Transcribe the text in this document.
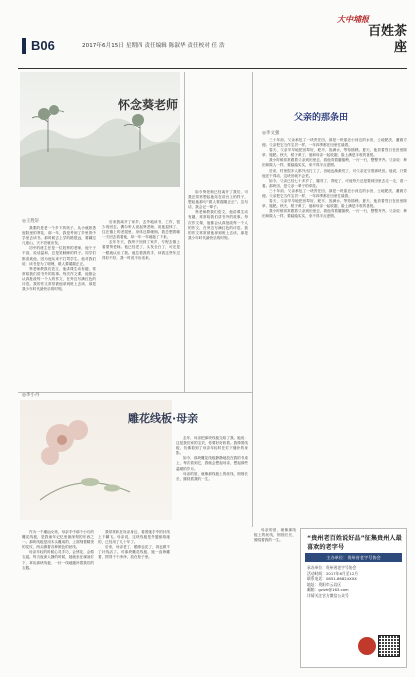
B06	2017年6月15日 星期四 责任编辑 陈淑华 责任校对 任 浩
大中埔报
百姓茶座
怀念葵老师
◎王胜轩

我要的是老一个乡下的孩子，从小就熟悉庭院里的葵花，那一年，我是考到了乡里的中学里去读书。那时候去上学的路很远，要翻过几座山，天不亮就出发。

初中的班主任是一位姓葵的老师，他个子不高，说话温和，总是笑眯眯的样子。同学们都喜欢他，因为他从来不打骂学生。他对我们说：读书是为了明理，做人要端端正正。

葵老师教我们语文，他讲课生动有趣，常常给我们讲书外的故事。每次作文课，他都会认真批改每一个人的作文，在旁边写满红色的评语。我的作文常常被他拿到班上去读，那是我少年时代最快乐的时刻。

后来我离开了家乡，去外地读书、工作，很少再回去。偶尔听人说起葵老师，说他退休了，住在镇上的老屋里，身体还算硬朗。我总想着哪一天回去看看他，却一年一年地拖了下来。

去年冬天，我终于回到了家乡，专程去镇上看望葵老师。他已经老了，头发全白了，可还是一眼就认出了我。他拉着我的手，问我这些年过得好不好，我一时说不出话来。

如今葵老师已经离开了我们，可我还常常想起他站在讲台上的样子，想起他那句“做人要端端正正”。这句话，我会记一辈子。

葵老师教我们语文，他讲课生动有趣，常常给我们讲书外的故事。每次作文课，他都会认真批改每一个人的作文，在旁边写满红色的评语。我的作文常常被他拿到班上去读，那是我少年时代最快乐的时刻。

父亲的那条田
◎李文强

三十年前，父亲承包了一块责任田，那是一块靠近小河边的水田，土地肥沃，灌溉方便。父亲把它当作宝贝一样，一年四季都在田里忙碌着。

春天，父亲早早地把田犁好，耙平，放满水，等待插秧。夏天，他顶着烈日在田里除草、施肥。秋天，稻子黄了，他和母亲一起收割，脸上满是丰收的喜悦。

我小时候常常跟着父亲到田里去，看他弯着腰插秧，一行一行，整整齐齐。父亲说：种田和做人一样，要踏踏实实，来不得半点虚假。

后来，村里很多人都外出打工了，田地也渐渐荒了，可父亲还守着那块田。他说，只要他还干得动，这块田就不会荒。

如今，父亲已经七十多岁了，腰弯了，背驼了，可他每天还是要到田里去走一走，看一看。那块田，是父亲一辈子的牵挂。

三十年前，父亲承包了一块责任田，那是一块靠近小河边的水田，土地肥沃，灌溉方便。父亲把它当作宝贝一样，一年四季都在田里忙碌着。

春天，父亲早早地把田犁好，耙平，放满水，等待插秧。夏天，他顶着烈日在田里除草、施肥。秋天，稻子黄了，他和母亲一起收割，脸上满是丰收的喜悦。

我小时候常常跟着父亲到田里去，看他弯着腰插秧，一行一行，整整齐齐。父亲说：种田和做人一样，要踏踏实实，来不得半点虚假。

雕花线板·母亲
◎李小丹

作为一个潮汕女孩，母亲手中那个小巧的雕花线板，是我童年记忆里最深刻的东西之一。那块线板是用木头雕成的，上面刻着精美的花纹，两头缠着各种颜色的丝线。

母亲年轻的时候心灵手巧，会绣花、会做衣裳。每当夜深人静的时候，她就坐在煤油灯下，拿出那块线板，一针一线地缝补着我们的衣服。

我常常趴在母亲身边，看着她手中的针线上下翻飞。母亲说，这块线板是外婆留给她的，已经用了几十年了。

后来，母亲老了，眼睛也花了，再也做不了针线活了。可那块雕花线板，她一直珍藏着，擦得干干净净，放在柜子里。

去年，母亲把那块线板交给了我。她说：这是我们家的宝贝，你要好好收着。我捧着线板，仿佛看到了母亲年轻时在灯下缝补的身影。

如今，那块雕花线板静静地放在我的书桌上，每次看到它，我就会想起母亲，想起那些温暖的岁月。

母亲的爱，就像那线板上的丝线，细细长长，缠绕着我的一生。

母亲的爱，就像那线板上的丝线，细细长长，缠绕着我的一生。	“贵州老百姓说好品”征集贵州人最喜欢的老字号
主办单位：贵州省老字号协会
承办单位：贵州省老字号协会
活动时间：2017年6月至12月
联系电话：0851-86824XXX
地址：贵阳市云岩区
邮箱：gzlzh@163.com
详情关注官方微信公众号
